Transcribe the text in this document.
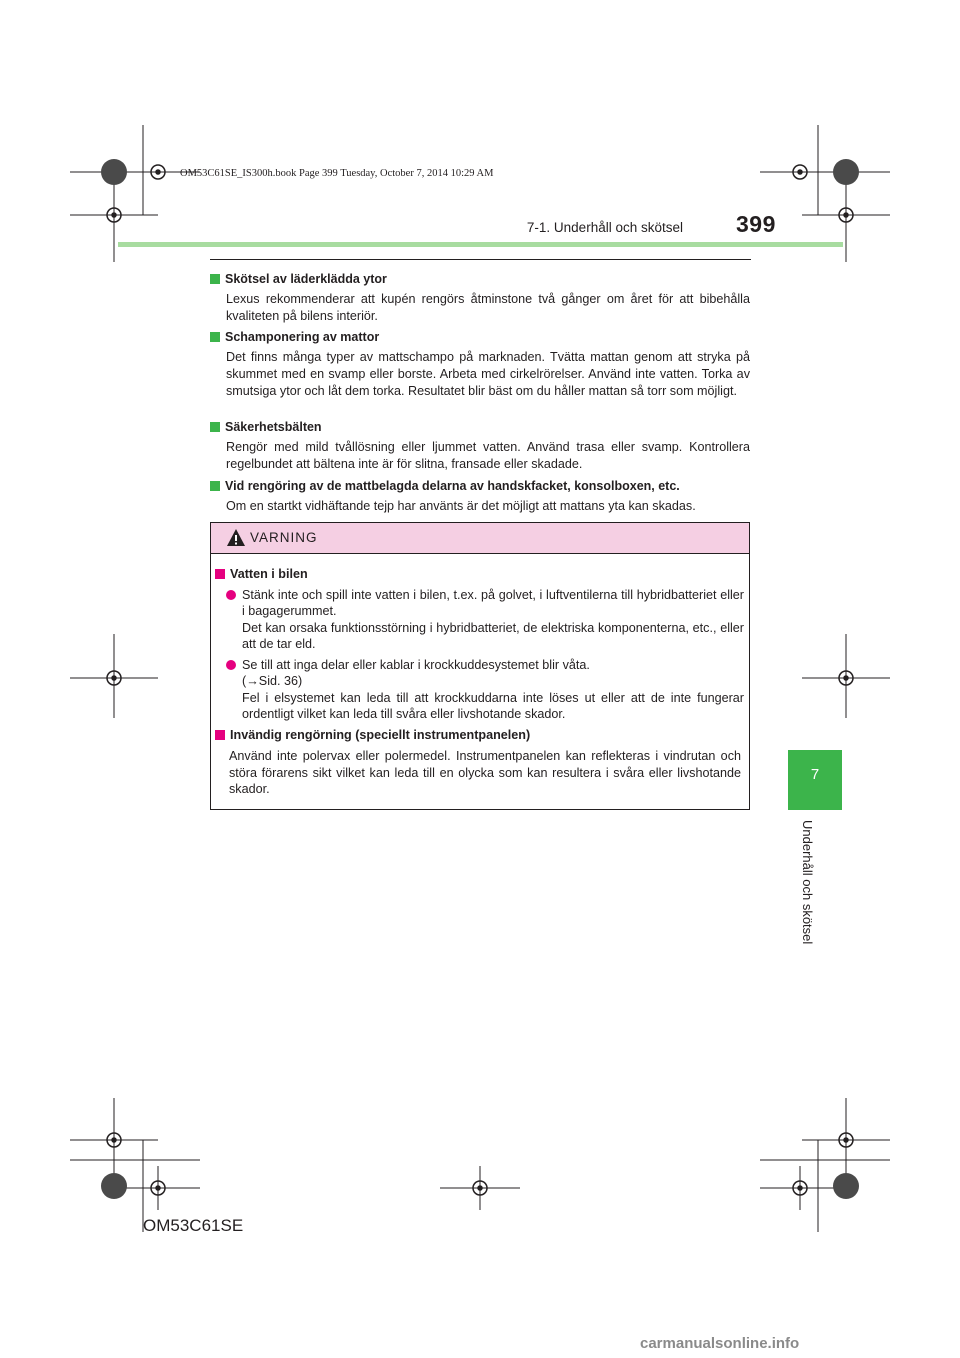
OM53C61SE_IS300h.book Page 399 Tuesday, October 7, 2014 10:29 AM
7-1. Underhåll och skötsel 399
7
Underhåll och skötsel
Skötsel av läderklädda ytor
Lexus rekommenderar att kupén rengörs åtminstone två gånger om året för att bibehålla kvaliteten på bilens interiör.
Schamponering av mattor
Det finns många typer av mattschampo på marknaden. Tvätta mattan genom att stryka på skummet med en svamp eller borste. Arbeta med cirkelrörelser. Använd inte vatten. Torka av smutsiga ytor och låt dem torka. Resultatet blir bäst om du håller mattan så torr som möjligt.
Säkerhetsbälten
Rengör med mild tvållösning eller ljummet vatten. Använd trasa eller svamp. Kontrollera regelbundet att bältena inte är för slitna, fransade eller skadade.
Vid rengöring av de mattbelagda delarna av handskfacket, konsolboxen, etc.
Om en startkt vidhäftande tejp har använts är det möjligt att mattans yta kan skadas.
VARNING
Vatten i bilen
Stänk inte och spill inte vatten i bilen, t.ex. på golvet, i luftventilerna till hybridbatteriet eller i bagagerummet.
Det kan orsaka funktionsstörning i hybridbatteriet, de elektriska komponenterna, etc., eller att de tar eld.
Se till att inga delar eller kablar i krockkuddesystemet blir våta.
(→Sid. 36)
Fel i elsystemet kan leda till att krockkuddarna inte löses ut eller att de inte fungerar ordentligt vilket kan leda till svåra eller livshotande skador.
Invändig rengörning (speciellt instrumentpanelen)
Använd inte polervax eller polermedel. Instrumentpanelen kan reflekteras i vindrutan och störa förarens sikt vilket kan leda till en olycka som kan resultera i svåra eller livshotande skador.
OM53C61SE
carmanualsonline.info
